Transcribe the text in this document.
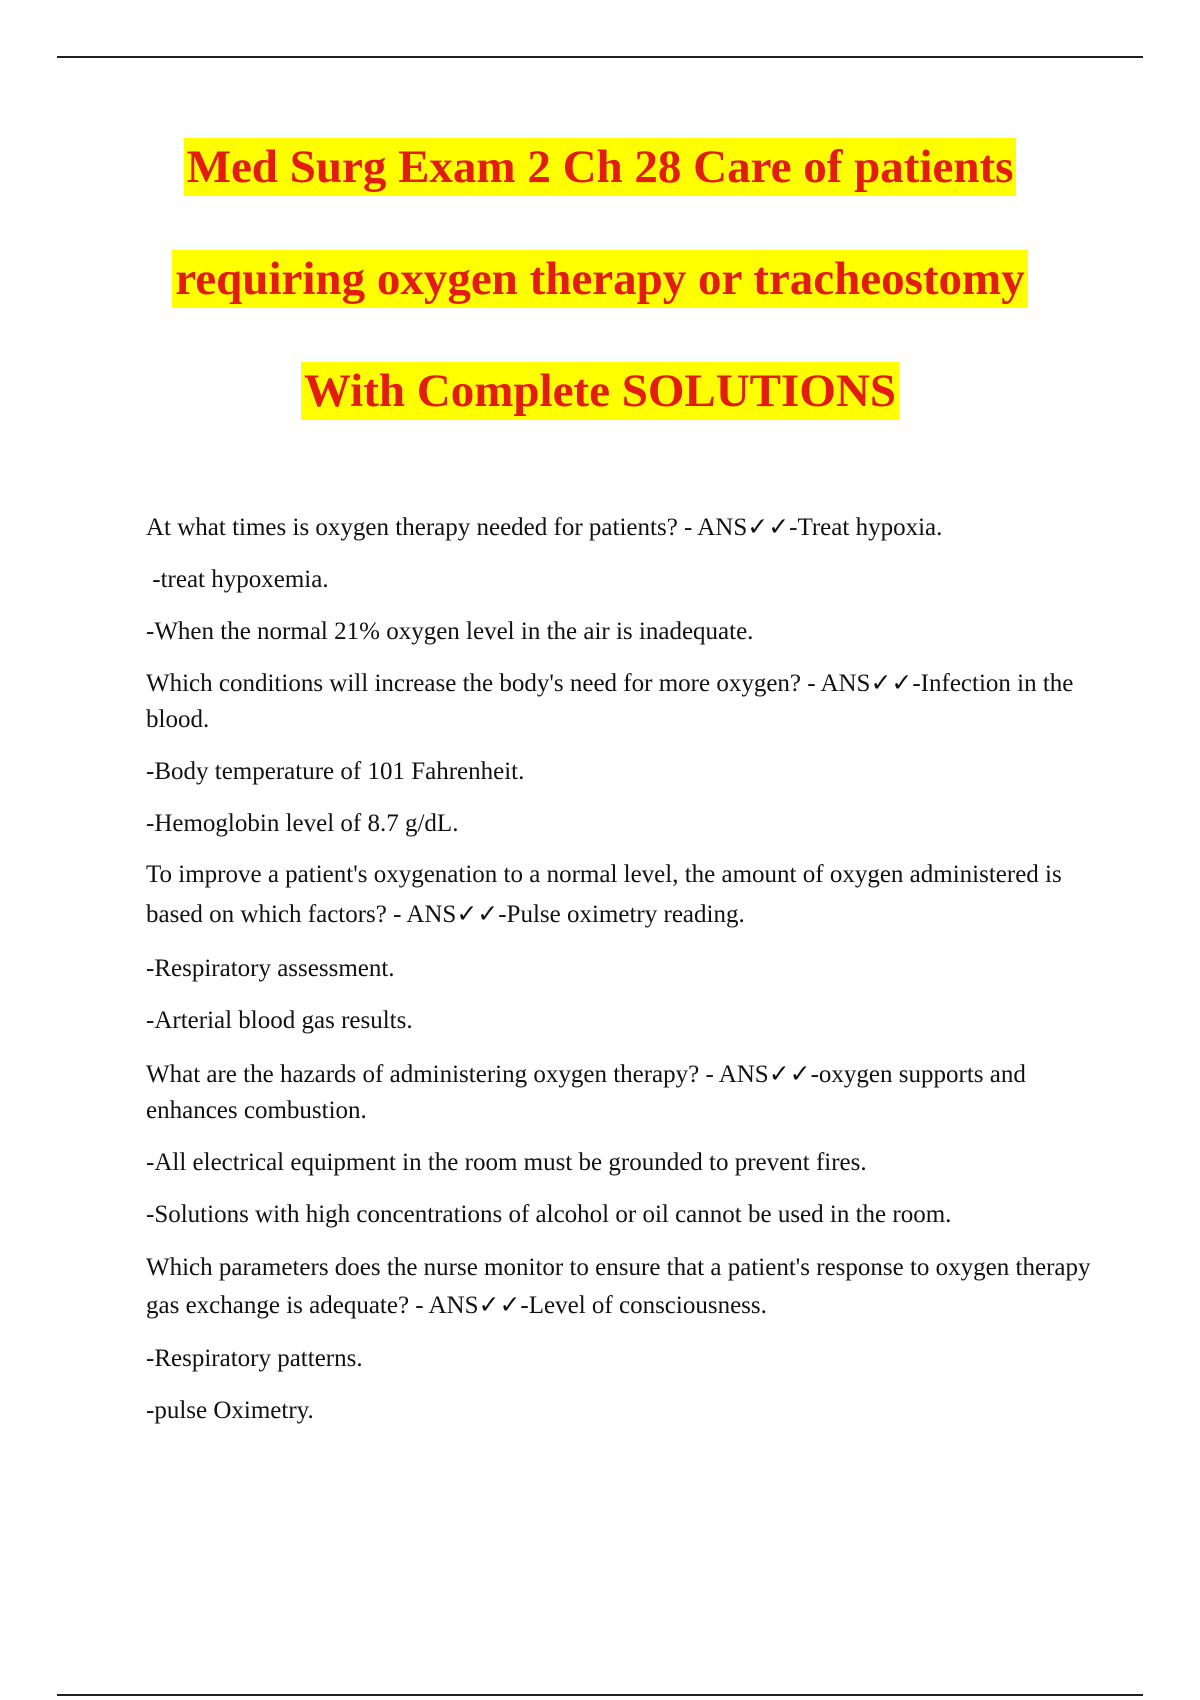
Med Surg Exam 2 Ch 28 Care of patients
requiring oxygen therapy or tracheostomy
With Complete SOLUTIONS

At what times is oxygen therapy needed for patients? - ANS✓✓-Treat hypoxia.

-treat hypoxemia.

-When the normal 21% oxygen level in the air is inadequate.

Which conditions will increase the body's need for more oxygen? - ANS✓✓-Infection in the blood.

-Body temperature of 101 Fahrenheit.

-Hemoglobin level of 8.7 g/dL.

To improve a patient's oxygenation to a normal level, the amount of oxygen administered is based on which factors? - ANS✓✓-Pulse oximetry reading.

-Respiratory assessment.

-Arterial blood gas results.

What are the hazards of administering oxygen therapy? - ANS✓✓-oxygen supports and enhances combustion.

-All electrical equipment in the room must be grounded to prevent fires.

-Solutions with high concentrations of alcohol or oil cannot be used in the room.

Which parameters does the nurse monitor to ensure that a patient's response to oxygen therapy gas exchange is adequate? - ANS✓✓-Level of consciousness.

-Respiratory patterns.

-pulse Oximetry.
